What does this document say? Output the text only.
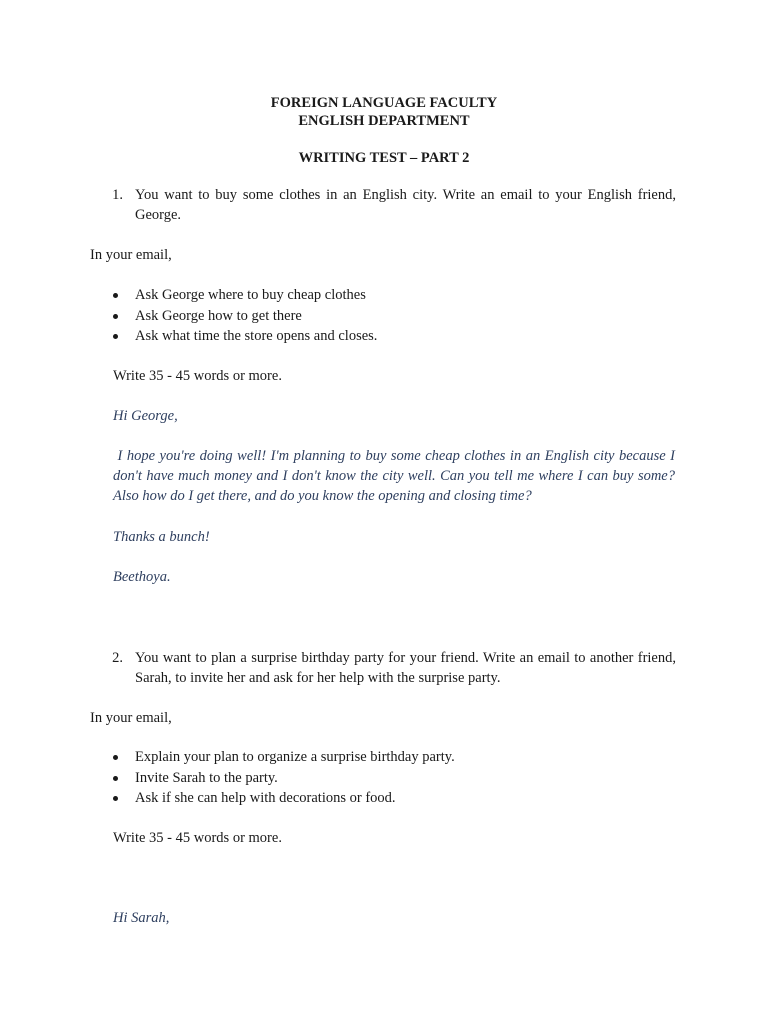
FOREIGN LANGUAGE FACULTY

ENGLISH DEPARTMENT

WRITING TEST – PART 2

1. You want to buy some clothes in an English city. Write an email to your English friend, George.

In your email,

Ask George where to buy cheap clothes
Ask George how to get there
Ask what time the store opens and closes.

Write 35 - 45 words or more.

Hi George,

I hope you're doing well! I'm planning to buy some cheap clothes in an English city because I don't have much money and I don't know the city well. Can you tell me where I can buy some? Also how do I get there, and do you know the opening and closing time?

Thanks a bunch!

Beethoya.

2. You want to plan a surprise birthday party for your friend. Write an email to another friend, Sarah, to invite her and ask for her help with the surprise party.

In your email,

Explain your plan to organize a surprise birthday party.
Invite Sarah to the party.
Ask if she can help with decorations or food.

Write 35 - 45 words or more.

Hi Sarah,
